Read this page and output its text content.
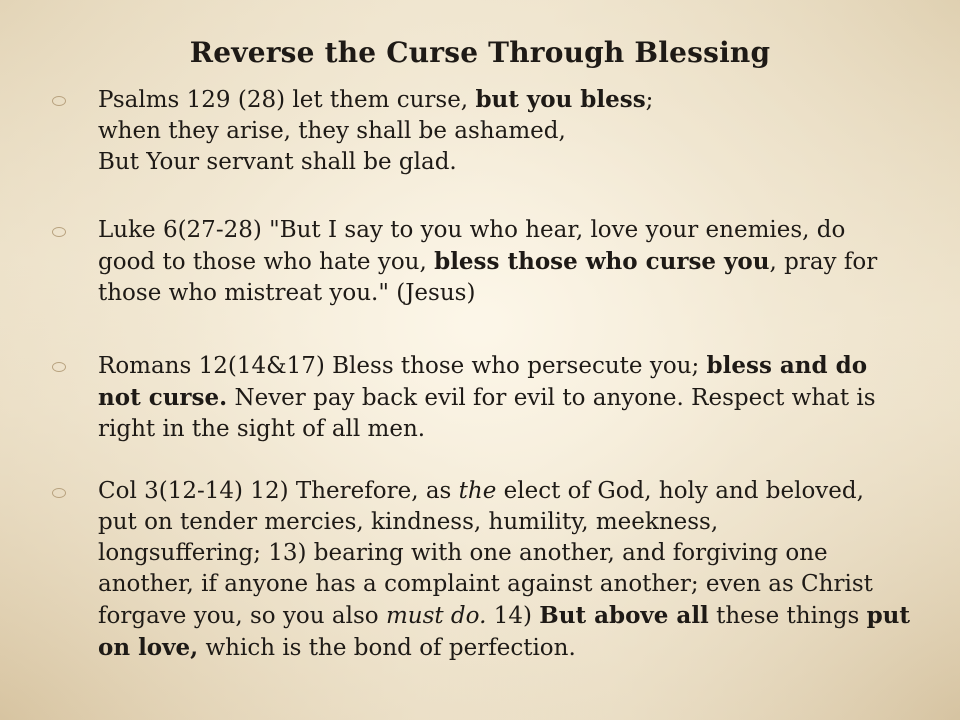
Reverse the Curse Through Blessing
Psalms 129 (28) let them curse, but you bless;
when they arise, they shall be ashamed,
But Your servant shall be glad.
Luke 6(27-28) "But I say to you who hear, love your enemies, do
good to those who hate you, bless those who curse you, pray for
those who mistreat you." (Jesus)
Romans 12(14&17) Bless those who persecute you; bless and do
not curse. Never pay back evil for evil to anyone. Respect what is
right in the sight of all men.
Col 3(12-14) 12) Therefore, as the elect of God, holy and beloved,
put on tender mercies, kindness, humility, meekness,
longsuffering; 13) bearing with one another, and forgiving one
another, if anyone has a complaint against another; even as Christ
forgave you, so you also must do. 14) But above all these things put
on love, which is the bond of perfection.
